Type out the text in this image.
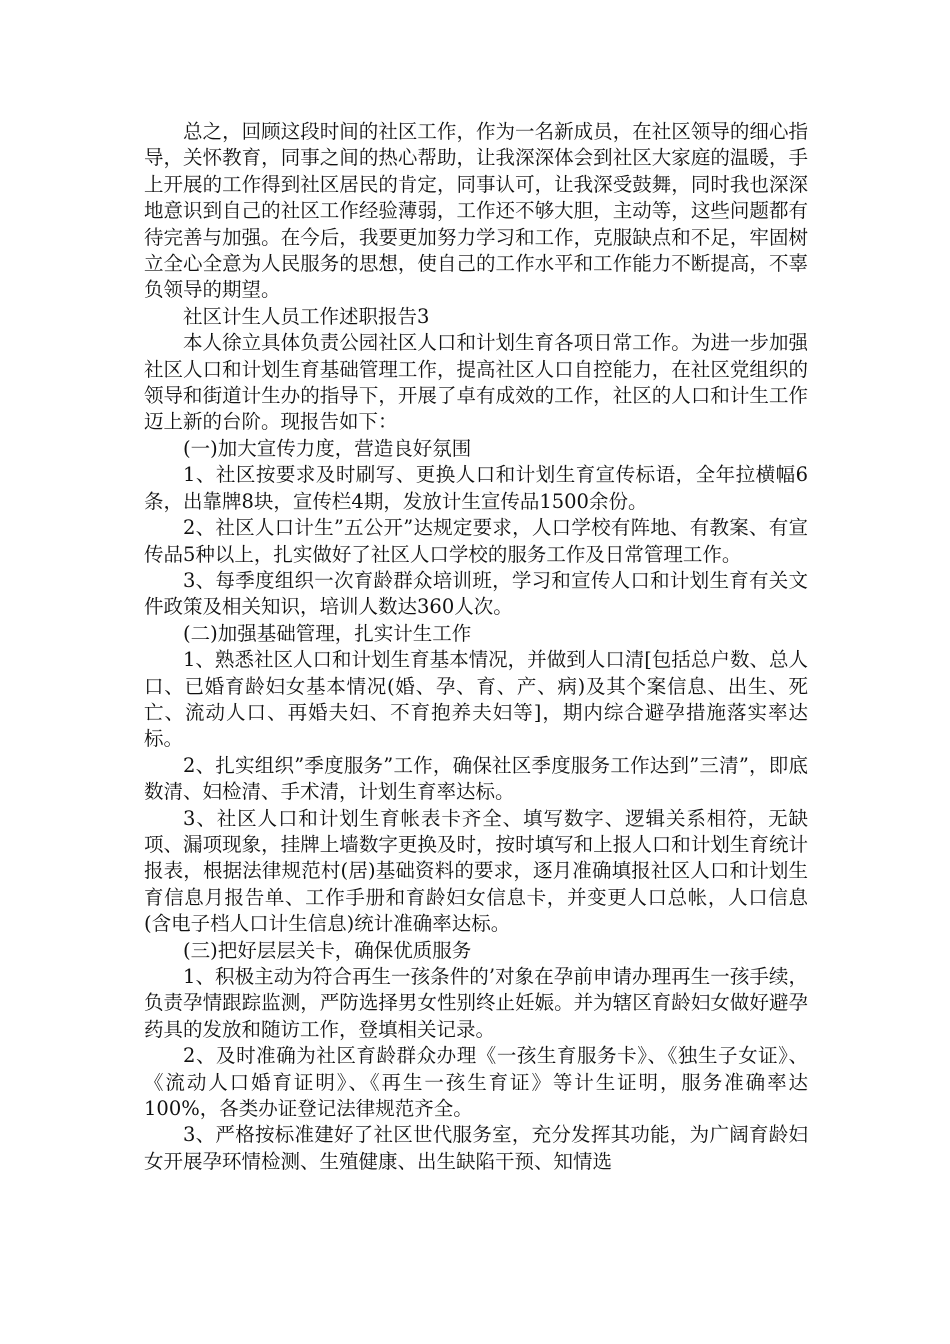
总之，回顾这段时间的社区工作，作为一名新成员，在社区领导的细心指导，关怀教育，同事之间的热心帮助，让我深深体会到社区大家庭的温暖，手上开展的工作得到社区居民的肯定，同事认可，让我深受鼓舞，同时我也深深地意识到自己的社区工作经验薄弱，工作还不够大胆，主动等，这些问题都有待完善与加强。在今后，我要更加努力学习和工作，克服缺点和不足，牢固树立全心全意为人民服务的思想，使自己的工作水平和工作能力不断提高，不辜负领导的期望。

社区计生人员工作述职报告3

本人徐立具体负责公园社区人口和计划生育各项日常工作。为进一步加强社区人口和计划生育基础管理工作，提高社区人口自控能力，在社区党组织的领导和街道计生办的指导下，开展了卓有成效的工作，社区的人口和计生工作迈上新的台阶。现报告如下：

(一)加大宣传力度，营造良好氛围

1、社区按要求及时刷写、更换人口和计划生育宣传标语，全年拉横幅6条，出靠牌8块，宣传栏4期，发放计生宣传品1500余份。

2、社区人口计生”五公开”达规定要求，人口学校有阵地、有教案、有宣传品5种以上，扎实做好了社区人口学校的服务工作及日常管理工作。

3、每季度组织一次育龄群众培训班，学习和宣传人口和计划生育有关文件政策及相关知识，培训人数达360人次。

(二)加强基础管理，扎实计生工作

1、熟悉社区人口和计划生育基本情况，并做到人口清[包括总户数、总人口、已婚育龄妇女基本情况(婚、孕、育、产、病)及其个案信息、出生、死亡、流动人口、再婚夫妇、不育抱养夫妇等]，期内综合避孕措施落实率达标。

2、扎实组织”季度服务”工作，确保社区季度服务工作达到”三清”，即底数清、妇检清、手术清，计划生育率达标。

3、社区人口和计划生育帐表卡齐全、填写数字、逻辑关系相符，无缺项、漏项现象，挂牌上墙数字更换及时，按时填写和上报人口和计划生育统计报表，根据法律规范村(居)基础资料的要求，逐月准确填报社区人口和计划生育信息月报告单、工作手册和育龄妇女信息卡，并变更人口总帐，人口信息(含电子档人口计生信息)统计准确率达标。

(三)把好层层关卡，确保优质服务

1、积极主动为符合再生一孩条件的’对象在孕前申请办理再生一孩手续，负责孕情跟踪监测，严防选择男女性别终止妊娠。并为辖区育龄妇女做好避孕药具的发放和随访工作，登填相关记录。

2、及时准确为社区育龄群众办理《一孩生育服务卡》、《独生子女证》、《流动人口婚育证明》、《再生一孩生育证》等计生证明，服务准确率达100%，各类办证登记法律规范齐全。

3、严格按标准建好了社区世代服务室，充分发挥其功能，为广阔育龄妇女开展孕环情检测、生殖健康、出生缺陷干预、知情选
